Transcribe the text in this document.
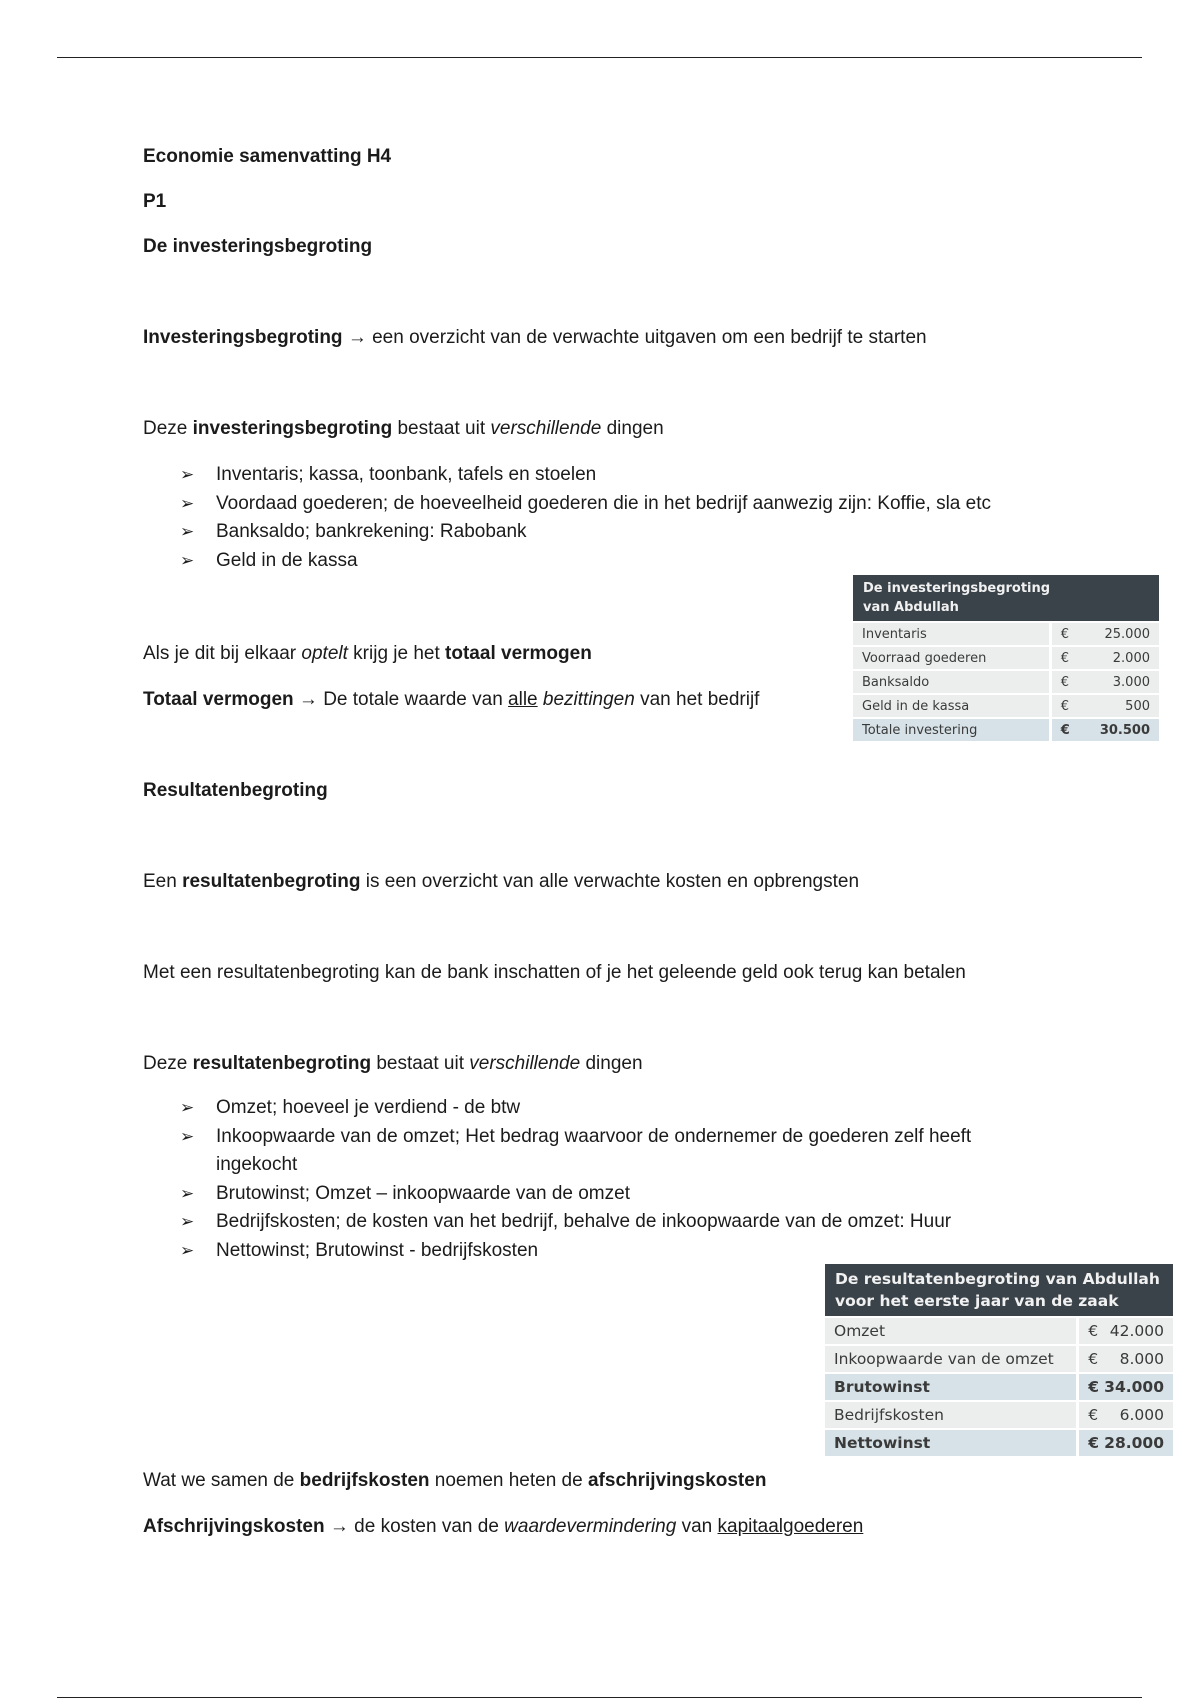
Economie samenvatting H4

P1

De investeringsbegroting

Investeringsbegroting → een overzicht van de verwachte uitgaven om een bedrijf te starten

Deze investeringsbegroting bestaat uit verschillende dingen

➢ Inventaris; kassa, toonbank, tafels en stoelen
➢ Voordaad goederen; de hoeveelheid goederen die in het bedrijf aanwezig zijn: Koffie, sla etc
➢ Banksaldo; bankrekening: Rabobank
➢ Geld in de kassa

Als je dit bij elkaar optelt krijg je het totaal vermogen

Totaal vermogen → De totale waarde van alle bezittingen van het bedrijf

De investeringsbegroting
van Abdullah	
Inventaris	€ 25.000
Voorraad goederen	€ 2.000
Banksaldo	€ 3.000
Geld in de kassa	€ 500
Totale investering	€ 30.500

Resultatenbegroting

Een resultatenbegroting is een overzicht van alle verwachte kosten en opbrengsten

Met een resultatenbegroting kan de bank inschatten of je het geleende geld ook terug kan betalen

Deze resultatenbegroting bestaat uit verschillende dingen

➢ Omzet; hoeveel je verdiend - de btw
➢ Inkoopwaarde van de omzet; Het bedrag waarvoor de ondernemer de goederen zelf heeft ingekocht
➢ Brutowinst; Omzet – inkoopwaarde van de omzet
➢ Bedrijfskosten; de kosten van het bedrijf, behalve de inkoopwaarde van de omzet: Huur
➢ Nettowinst; Brutowinst - bedrijfskosten
De resultatenbegroting van Abdullah
voor het eerste jaar van de zaak	
Omzet	€ 42.000
Inkoopwaarde van de omzet	€ 8.000
Brutowinst	€ 34.000
Bedrijfskosten	€ 6.000
Nettowinst	€ 28.000

Wat we samen de bedrijfskosten noemen heten de afschrijvingskosten

Afschrijvingskosten → de kosten van de waardevermindering van kapitaalgoederen
